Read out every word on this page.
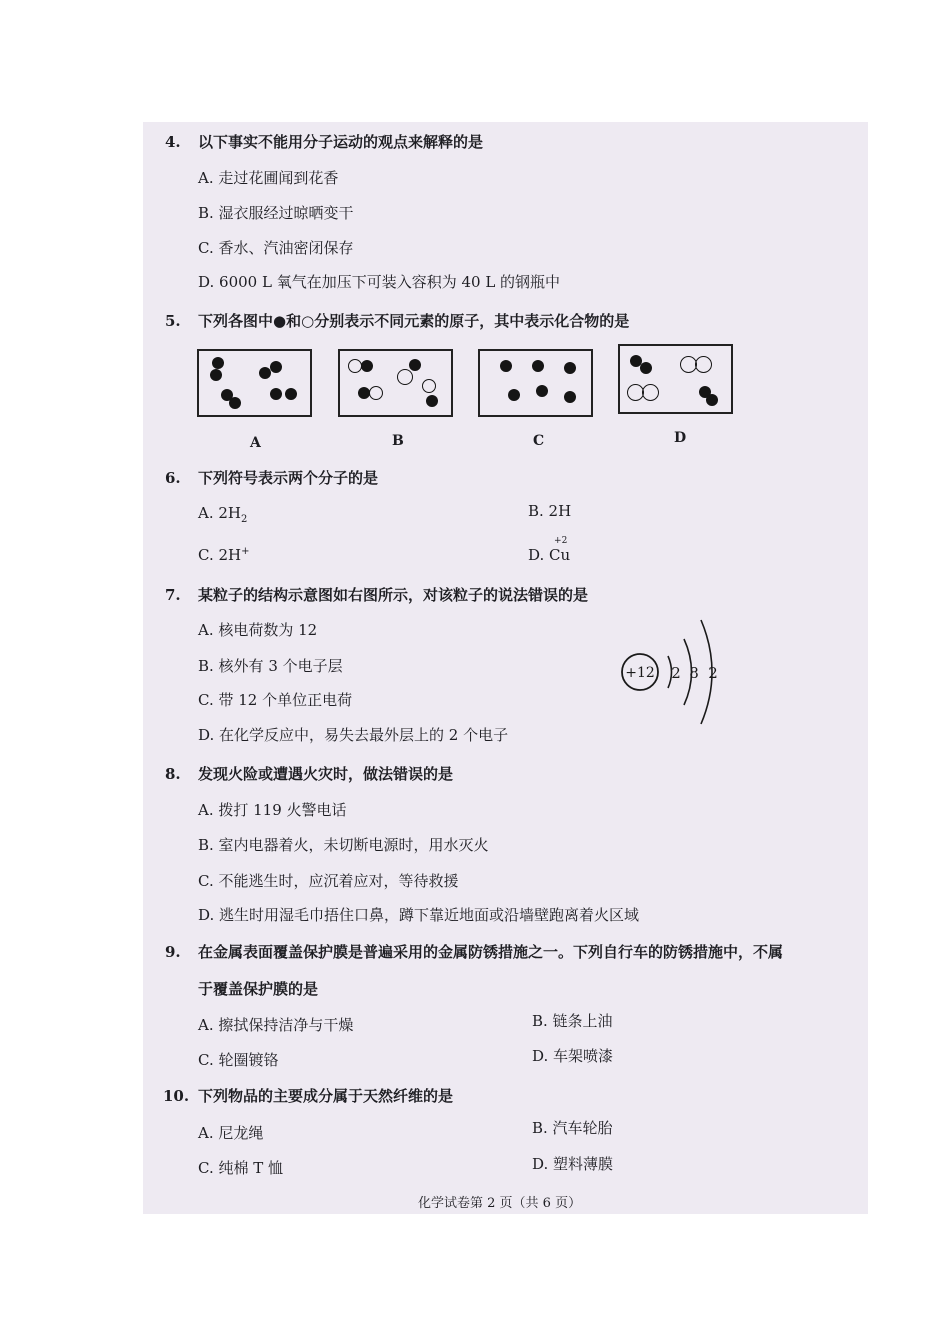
4. 以下事实不能用分子运动的观点来解释的是
A. 走过花圃闻到花香
B. 湿衣服经过晾晒变干
C. 香水、汽油密闭保存
D. 6000 L 氧气在加压下可装入容积为 40 L 的钢瓶中
5. 下列各图中●和○分别表示不同元素的原子，其中表示化合物的是
A	B	C	D
6. 下列符号表示两个分子的是
A. $2H_2$	B. 2H
C. 2H+	D.
+2
Cu
7. 某粒子的结构示意图如右图所示，对该粒子的说法错误的是
A. 核电荷数为 12
B. 核外有 3 个电子层
C. 带 12 个单位正电荷
D. 在化学反应中，易失去最外层上的 2 个电子
+12 2 8 2
8. 发现火险或遭遇火灾时，做法错误的是
A. 拨打 119 火警电话
B. 室内电器着火，未切断电源时，用水灭火
C. 不能逃生时，应沉着应对，等待救援
D. 逃生时用湿毛巾捂住口鼻，蹲下靠近地面或沿墙壁跑离着火区域
9. 在金属表面覆盖保护膜是普遍采用的金属防锈措施之一。下列自行车的防锈措施中，不属
于覆盖保护膜的是
A. 擦拭保持洁净与干燥	B. 链条上油
C. 轮圈镀铬	D. 车架喷漆
10. 下列物品的主要成分属于天然纤维的是
A. 尼龙绳	B. 汽车轮胎
C. 纯棉 T 恤	D. 塑料薄膜
化学试卷第 2 页（共 6 页）
